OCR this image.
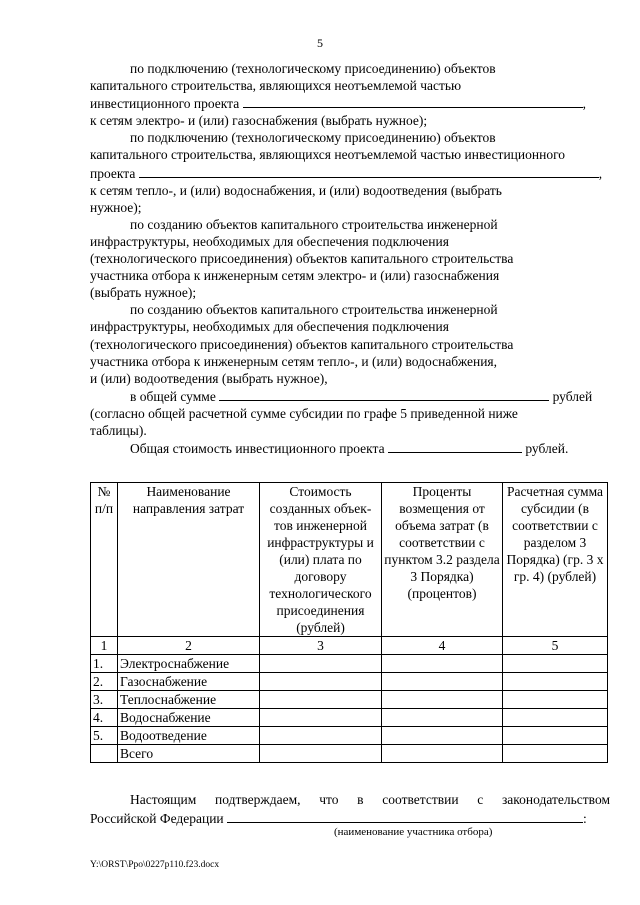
5

по подключению (технологическому присоединению) объектов

капитального строительства, являющихся неотъемлемой частью

инвестиционного проекта	,

к сетям электро- и (или) газоснабжения (выбрать нужное);

по подключению (технологическому присоединению) объектов

капитального строительства, являющихся неотъемлемой частью инвестиционного

проекта	,

к сетям тепло-, и (или) водоснабжения, и (или) водоотведения (выбрать

нужное);

по созданию объектов капитального строительства инженерной

инфраструктуры, необходимых для обеспечения подключения

(технологического присоединения) объектов капитального строительства

участника отбора к инженерным сетям электро- и (или) газоснабжения

(выбрать нужное);

по созданию объектов капитального строительства инженерной

инфраструктуры, необходимых для обеспечения подключения

(технологического присоединения) объектов капитального строительства

участника отбора к инженерным сетям тепло-, и (или) водоснабжения,

и (или) водоотведения (выбрать нужное),

в общей сумме	рублей

(согласно общей расчетной сумме субсидии по графе 5 приведенной ниже

таблицы).

Общая стоимость инвестиционного проекта	рублей.

№ п/п	Наименование направления затрат	Стоимость созданных объек-тов инженерной инфраструктуры и (или) плата по договору технологического присоединения (рублей)	Проценты возмещения от объема затрат (в соответствии с пунктом 3.2 раздела 3 Порядка) (процентов)	Расчетная сумма субсидии (в соответствии с разделом 3 Порядка) (гр. 3 х гр. 4) (рублей)
1	2	3	4	5
1.	Электроснабжение			
2.	Газоснабжение			
3.	Теплоснабжение			
4.	Водоснабжение			
5.	Водоотведение			
	Всего			

Настоящим подтверждаем, что в соответствии с законодательством

Российской Федерации	:

(наименование участника отбора)
Y:\ORST\Ppo\0227p110.f23.docx
